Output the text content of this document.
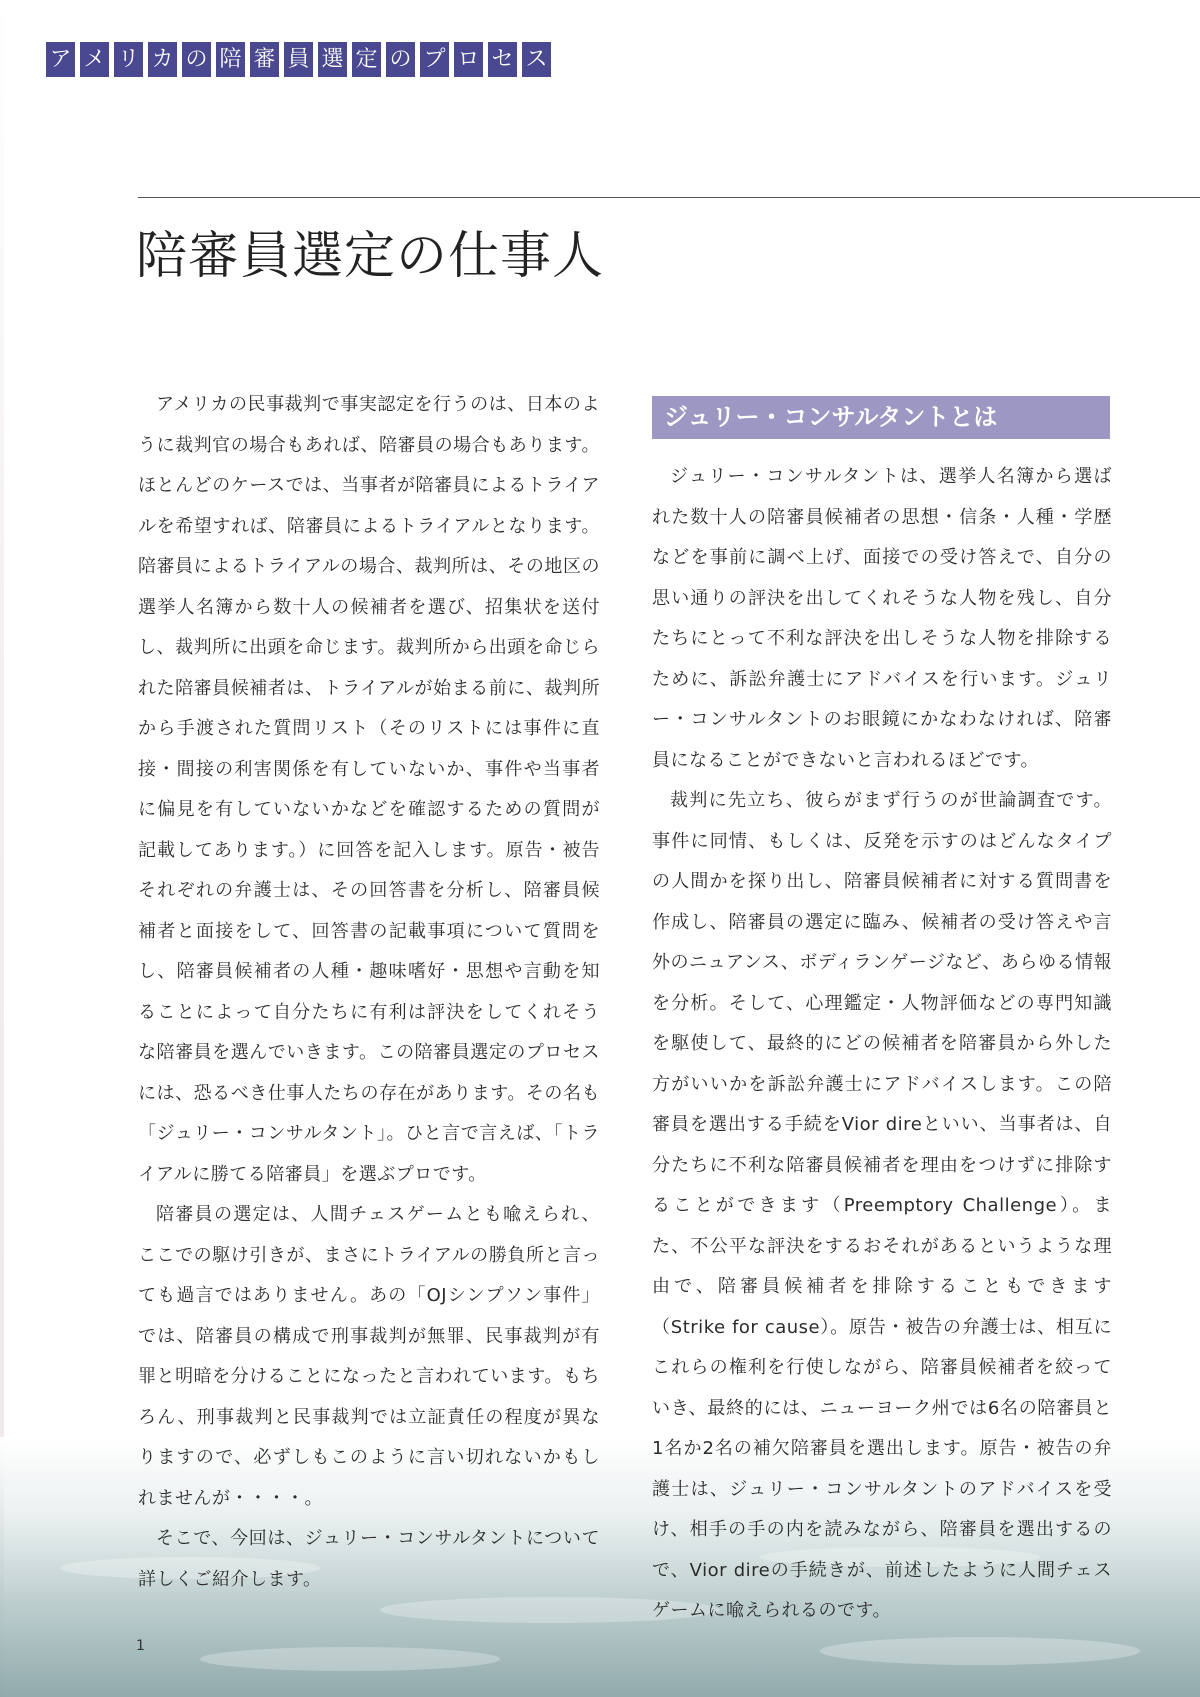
ア メ リ カ の 陪 審 員 選 定 の プ ロ セ ス
陪審員選定の仕事人

アメリカの民事裁判で事実認定を行うのは、日本のように裁判官の場合もあれば、陪審員の場合もあります。ほとんどのケースでは、当事者が陪審員によるトライアルを希望すれば、陪審員によるトライアルとなります。陪審員によるトライアルの場合、裁判所は、その地区の選挙人名簿から数十人の候補者を選び、招集状を送付し、裁判所に出頭を命じます。裁判所から出頭を命じられた陪審員候補者は、トライアルが始まる前に、裁判所から手渡された質問リスト（そのリストには事件に直接・間接の利害関係を有していないか、事件や当事者に偏見を有していないかなどを確認するための質問が記載してあります。）に回答を記入します。原告・被告それぞれの弁護士は、その回答書を分析し、陪審員候補者と面接をして、回答書の記載事項について質問をし、陪審員候補者の人種・趣味嗜好・思想や言動を知ることによって自分たちに有利は評決をしてくれそうな陪審員を選んでいきます。この陪審員選定のプロセスには、恐るべき仕事人たちの存在があります。その名も「ジュリー・コンサルタント」。ひと言で言えば、「トライアルに勝てる陪審員」を選ぶプロです。

陪審員の選定は、人間チェスゲームとも喩えられ、ここでの駆け引きが、まさにトライアルの勝負所と言っても過言ではありません。あの「OJシンプソン事件」では、陪審員の構成で刑事裁判が無罪、民事裁判が有罪と明暗を分けることになったと言われています。もちろん、刑事裁判と民事裁判では立証責任の程度が異なりますので、必ずしもこのように言い切れないかもしれませんが・・・・。

そこで、今回は、ジュリー・コンサルタントについて詳しくご紹介します。

ジュリー・コンサルタントとは

ジュリー・コンサルタントは、選挙人名簿から選ばれた数十人の陪審員候補者の思想・信条・人種・学歴などを事前に調べ上げ、面接での受け答えで、自分の思い通りの評決を出してくれそうな人物を残し、自分たちにとって不利な評決を出しそうな人物を排除するために、訴訟弁護士にアドバイスを行います。ジュリー・コンサルタントのお眼鏡にかなわなければ、陪審員になることができないと言われるほどです。

裁判に先立ち、彼らがまず行うのが世論調査です。事件に同情、もしくは、反発を示すのはどんなタイプの人間かを探り出し、陪審員候補者に対する質問書を作成し、陪審員の選定に臨み、候補者の受け答えや言外のニュアンス、ボディランゲージなど、あらゆる情報を分析。そして、心理鑑定・人物評価などの専門知識を駆使して、最終的にどの候補者を陪審員から外した方がいいかを訴訟弁護士にアドバイスします。この陪審員を選出する手続をVior direといい、当事者は、自分たちに不利な陪審員候補者を理由をつけずに排除することができます（Preemptory Challenge）。また、不公平な評決をするおそれがあるというような理由で、陪審員候補者を排除することもできます（Strike for cause）。原告・被告の弁護士は、相互にこれらの権利を行使しながら、陪審員候補者を絞っていき、最終的には、ニューヨーク州では6名の陪審員と1名か2名の補欠陪審員を選出します。原告・被告の弁護士は、ジュリー・コンサルタントのアドバイスを受け、相手の手の内を読みながら、陪審員を選出するので、Vior direの手続きが、前述したように人間チェスゲームに喩えられるのです。

1
